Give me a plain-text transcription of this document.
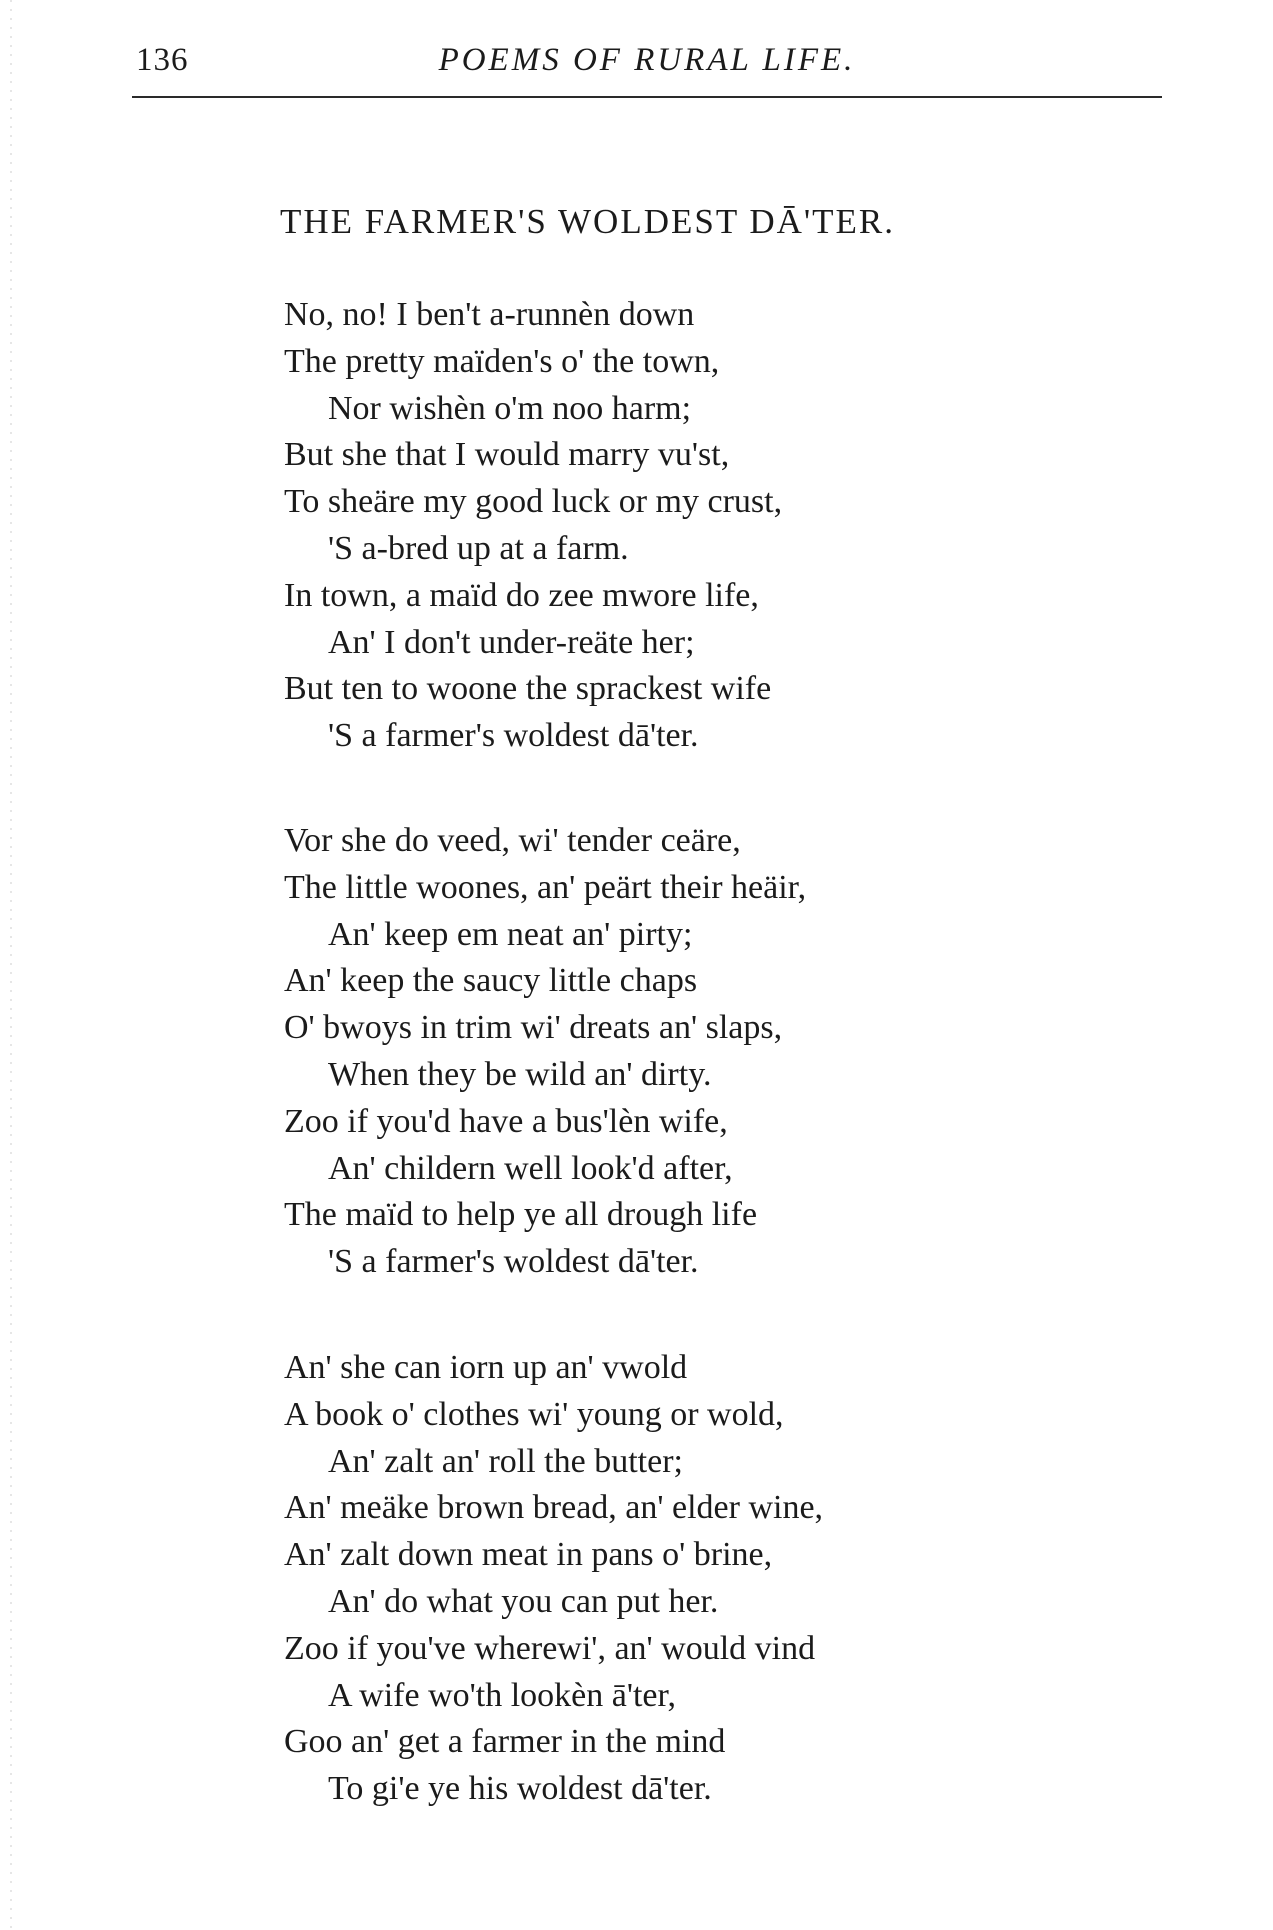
136	POEMS OF RURAL LIFE.
THE FARMER'S WOLDEST DĀ'TER.
No, no! I ben't a-runnèn down
The pretty maïden's o' the town,
Nor wishèn o'm noo harm;
But she that I would marry vu'st,
To sheäre my good luck or my crust,
'S a-bred up at a farm.
In town, a maïd do zee mwore life,
An' I don't under-reäte her;
But ten to woone the sprackest wife
'S a farmer's woldest dā'ter.
Vor she do veed, wi' tender ceäre,
The little woones, an' peärt their heäir,
An' keep em neat an' pirty;
An' keep the saucy little chaps
O' bwoys in trim wi' dreats an' slaps,
When they be wild an' dirty.
Zoo if you'd have a bus'lèn wife,
An' childern well look'd after,
The maïd to help ye all drough life
'S a farmer's woldest dā'ter.
An' she can iorn up an' vwold
A book o' clothes wi' young or wold,
An' zalt an' roll the butter;
An' meäke brown bread, an' elder wine,
An' zalt down meat in pans o' brine,
An' do what you can put her.
Zoo if you've wherewi', an' would vind
A wife wo'th lookèn ā'ter,
Goo an' get a farmer in the mind
To gi'e ye his woldest dā'ter.
